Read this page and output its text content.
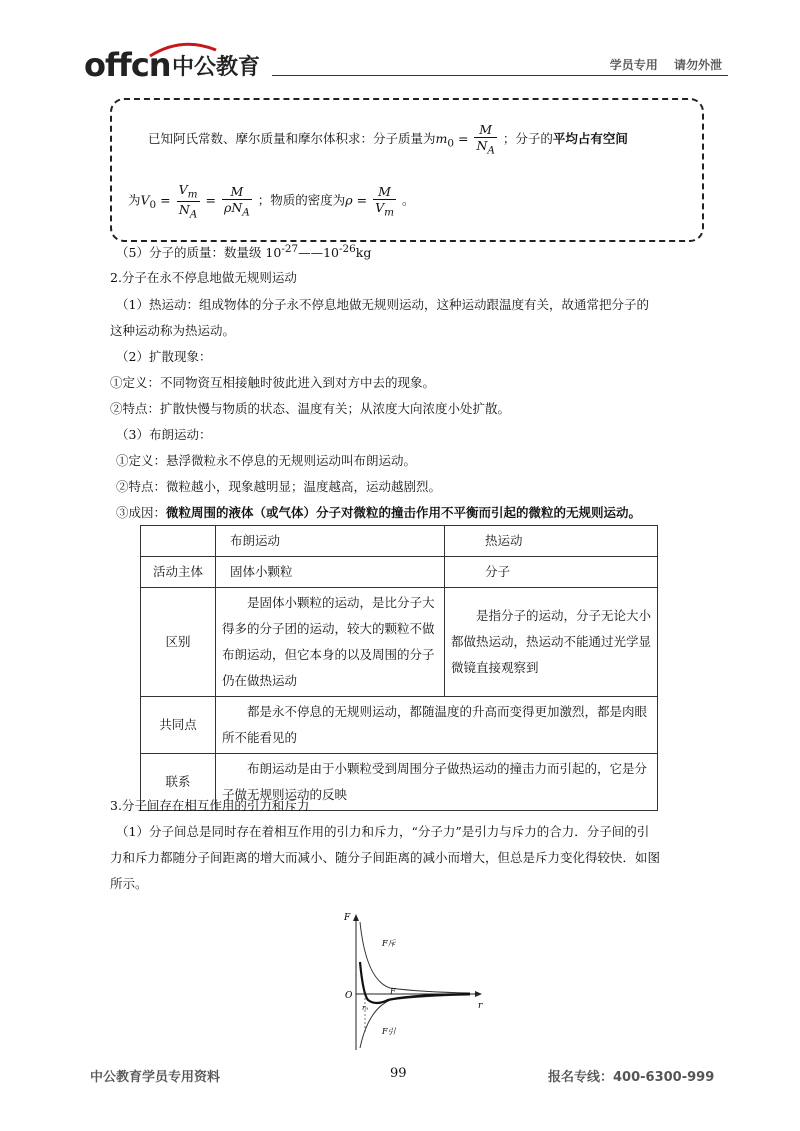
offcn 中公教育	学员专用 请勿外泄
已知阿氏常数、摩尔质量和摩尔体积求：分子质量为$m_0 = \frac{M}{N_A}$ ；分子的平均占有空间
为$V_0 = \frac{V_m}{N_A} = \frac{M}{\rho N_A}$ ；物质的密度为$\rho = \frac{M}{V_m}$ 。
（5）分子的质量：数量级 $10^{-27}——10^{-26}kg$
2.分子在永不停息地做无规则运动
（1）热运动：组成物体的分子永不停息地做无规则运动，这种运动跟温度有关，故通常把分子的
这种运动称为热运动。
（2）扩散现象：
①定义：不同物资互相接触时彼此进入到对方中去的现象。
②特点：扩散快慢与物质的状态、温度有关；从浓度大向浓度小处扩散。
（3）布朗运动：
①定义：悬浮微粒永不停息的无规则运动叫布朗运动。
②特点：微粒越小，现象越明显；温度越高，运动越剧烈。
③成因：微粒周围的液体（或气体）分子对微粒的撞击作用不平衡而引起的微粒的无规则运动。
	布朗运动	热运动
活动主体	固体小颗粒	分子
区别	是固体小颗粒的运动，是比分子大得多的分子团的运动，较大的颗粒不做布朗运动，但它本身的以及周围的分子仍在做热运动	是指分子的运动，分子无论大小都做热运动，热运动不能通过光学显微镜直接观察到

共同点	都是永不停息的无规则运动，都随温度的升高而变得更加激烈，都是肉眼所不能看见的	

联系	布朗运动是由于小颗粒受到周围分子做热运动的撞击力而引起的，它是分子做无规则运动的反映	
3.分子间存在相互作用的引力和斥力
（1）分子间总是同时存在着相互作用的引力和斥力，“分子力”是引力与斥力的合力．分子间的引
力和斥力都随分子间距离的增大而减小、随分子间距离的减小而增大，但总是斥力变化得较快．如图
所示。
F
r
O
r₀
F斥
F引
F
中公教育学员专用资料	99	报名专线：400-6300-999
